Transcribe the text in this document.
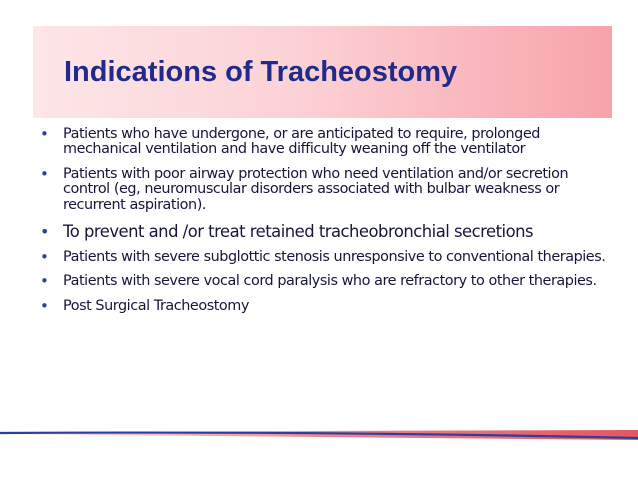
Indications of Tracheostomy
• Patients who have undergone, or are anticipated to require, prolonged mechanical ventilation and have difficulty weaning off the ventilator
• Patients with poor airway protection who need ventilation and/or secretion control (eg, neuromuscular disorders associated with bulbar weakness or recurrent aspiration).
• To prevent and /or treat retained tracheobronchial secretions
• Patients with severe subglottic stenosis unresponsive to conventional therapies.
• Patients with severe vocal cord paralysis who are refractory to other therapies.
• Post Surgical Tracheostomy
